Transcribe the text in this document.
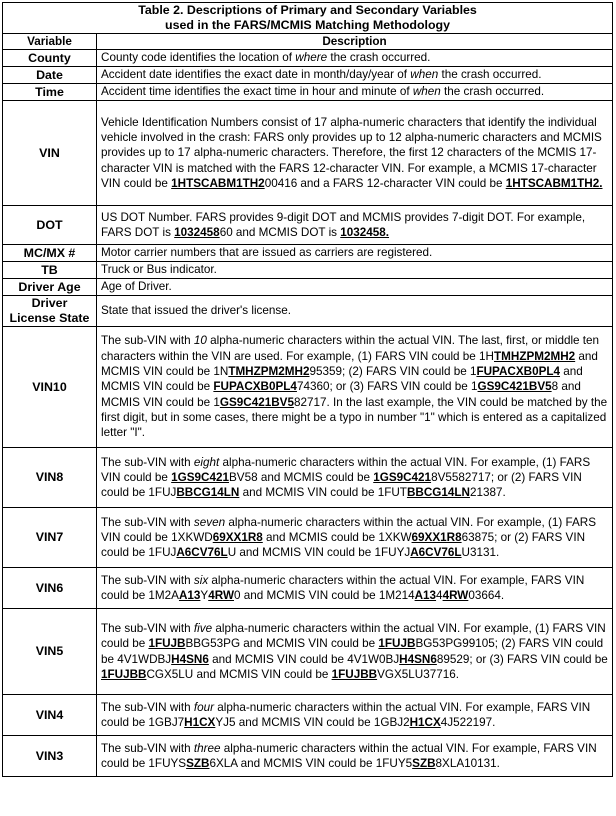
Table 2. Descriptions of Primary and Secondary Variables
used in the FARS/MCMIS Matching Methodology	

Variable	Description
County	County code identifies the location of where the crash occurred.
Date	Accident date identifies the exact date in month/day/year of when the crash occurred.
Time	Accident time identifies the exact time in hour and minute of when the crash occurred.
VIN	Vehicle Identification Numbers consist of 17 alpha-numeric characters that identify the individual vehicle involved in the crash: FARS only provides up to 12 alpha-numeric characters and MCMIS provides up to 17 alpha-numeric characters. Therefore, the first 12 characters of the MCMIS 17-character VIN is matched with the FARS 12-character VIN. For example, a MCMIS 17-character VIN could be 1HTSCABM1TH200416 and a FARS 12-character VIN could be 1HTSCABM1TH2.
DOT	US DOT Number. FARS provides 9-digit DOT and MCMIS provides 7-digit DOT. For example, FARS DOT is 103245860 and MCMIS DOT is 1032458.
MC/MX #	Motor carrier numbers that are issued as carriers are registered.
TB	Truck or Bus indicator.
Driver Age	Age of Driver.
Driver License State	State that issued the driver's license.
VIN10	The sub-VIN with 10 alpha-numeric characters within the actual VIN. The last, first, or middle ten characters within the VIN are used. For example, (1) FARS VIN could be 1HTMHZPM2MH2 and MCMIS VIN could be 1NTMHZPM2MH295359; (2) FARS VIN could be 1FUPACXB0PL4 and MCMIS VIN could be FUPACXB0PL474360; or (3) FARS VIN could be 1GS9C421BV58 and MCMIS VIN could be 1GS9C421BV582717. In the last example, the VIN could be matched by the first digit, but in some cases, there might be a typo in number "1" which is entered as a capitalized letter "I".
VIN8	The sub-VIN with eight alpha-numeric characters within the actual VIN. For example, (1) FARS VIN could be 1GS9C421BV58 and MCMIS could be 1GS9C4218V5582717; or (2) FARS VIN could be 1FUJBBCG14LN and MCMIS VIN could be 1FUTBBCG14LN21387.
VIN7	The sub-VIN with seven alpha-numeric characters within the actual VIN. For example, (1) FARS VIN could be 1XKWD69XX1R8 and MCMIS could be 1XKW69XX1R863875; or (2) FARS VIN could be 1FUJA6CV76LU and MCMIS VIN could be 1FUYJA6CV76LU3131.
VIN6	The sub-VIN with six alpha-numeric characters within the actual VIN. For example, FARS VIN could be 1M2AA13Y4RW0 and MCMIS VIN could be 1M214A1344RW03664.
VIN5	The sub-VIN with five alpha-numeric characters within the actual VIN. For example, (1) FARS VIN could be 1FUJBBBG53PG and MCMIS VIN could be 1FUJBBG53PG99105; (2) FARS VIN could be 4V1WDBJH4SN6 and MCMIS VIN could be 4V1W0BJH4SN689529; or (3) FARS VIN could be 1FUJBBCGX5LU and MCMIS VIN could be 1FUJBBVGX5LU37716.
VIN4	The sub-VIN with four alpha-numeric characters within the actual VIN. For example, FARS VIN could be 1GBJ7H1CXYJ5 and MCMIS VIN could be 1GBJ2H1CX4J522197.
VIN3	The sub-VIN with three alpha-numeric characters within the actual VIN. For example, FARS VIN could be 1FUYSSZB6XLA and MCMIS VIN could be 1FUY5SZB8XLA10131.
